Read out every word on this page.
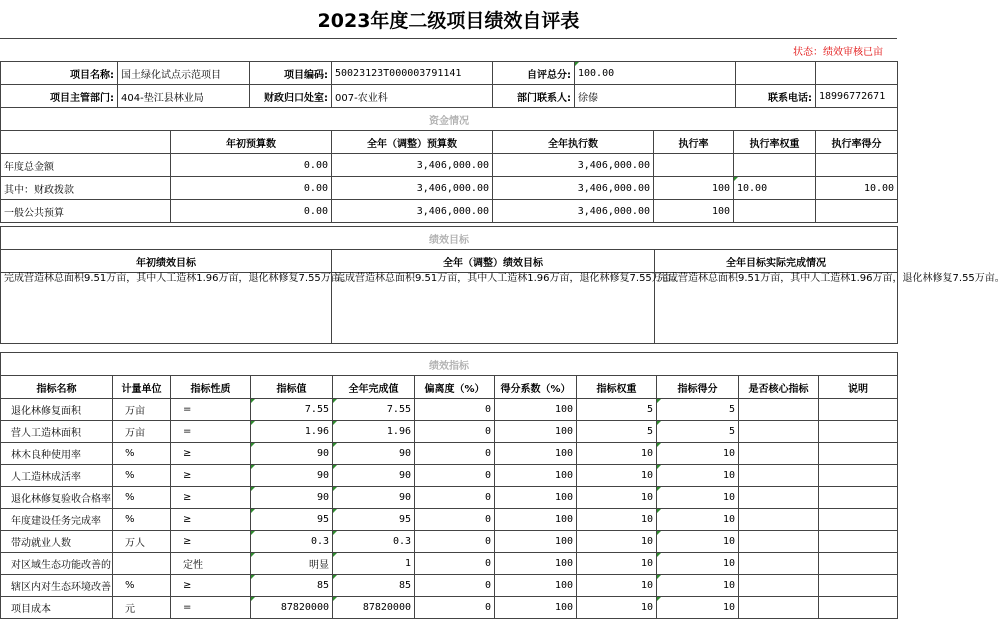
2023年度二级项目绩效自评表
状态：绩效审核已亩
项目名称:	国土绿化试点示范项目	项目编码:	50023123T000003791141	自评总分:	100.00		
项目主管部门:	404-垫江县林业局	财政归口处室:	007-农业科	部门联系人:	徐傣	联系电话:	18996772671
资金情况						
	年初预算数	全年（调整）预算数	全年执行数	执行率	执行率权重	执行率得分
年度总金额	0.00	3,406,000.00	3,406,000.00			
其中：财政拨款	0.00	3,406,000.00	3,406,000.00	100	10.00	10.00
一般公共预算	0.00	3,406,000.00	3,406,000.00	100		
绩效目标		
年初绩效目标	全年（调整）绩效目标	全年目标实际完成情况
完成营造林总面积9.51万亩，其中人工造林1.96万亩，退化林修复7.55万亩。	完成营造林总面积9.51万亩，其中人工造林1.96万亩，退化林修复7.55万亩。	完成营造林总面积9.51万亩，其中人工造林1.96万亩，退化林修复7.55万亩。
绩效指标										
指标名称	计量单位	指标性质	指标值	全年完成值	偏离度（%）	得分系数（%）	指标权重	指标得分	是否核心指标	说明
退化林修复面积	万亩	=	7.55	7.55	0	100	5	5		
营人工造林面积	万亩	=	1.96	1.96	0	100	5	5		
林木良种使用率	%	≥	90	90	0	100	10	10		
人工造林成活率	%	≥	90	90	0	100	10	10		
退化林修复验收合格率	%	≥	90	90	0	100	10	10		
年度建设任务完成率	%	≥	95	95	0	100	10	10		
带动就业人数	万人	≥	0.3	0.3	0	100	10	10		
对区域生态功能改善的		定性	明显	1	0	100	10	10		
辖区内对生态环境改善	%	≥	85	85	0	100	10	10		
项目成本	元	=	87820000	87820000	0	100	10	10		
